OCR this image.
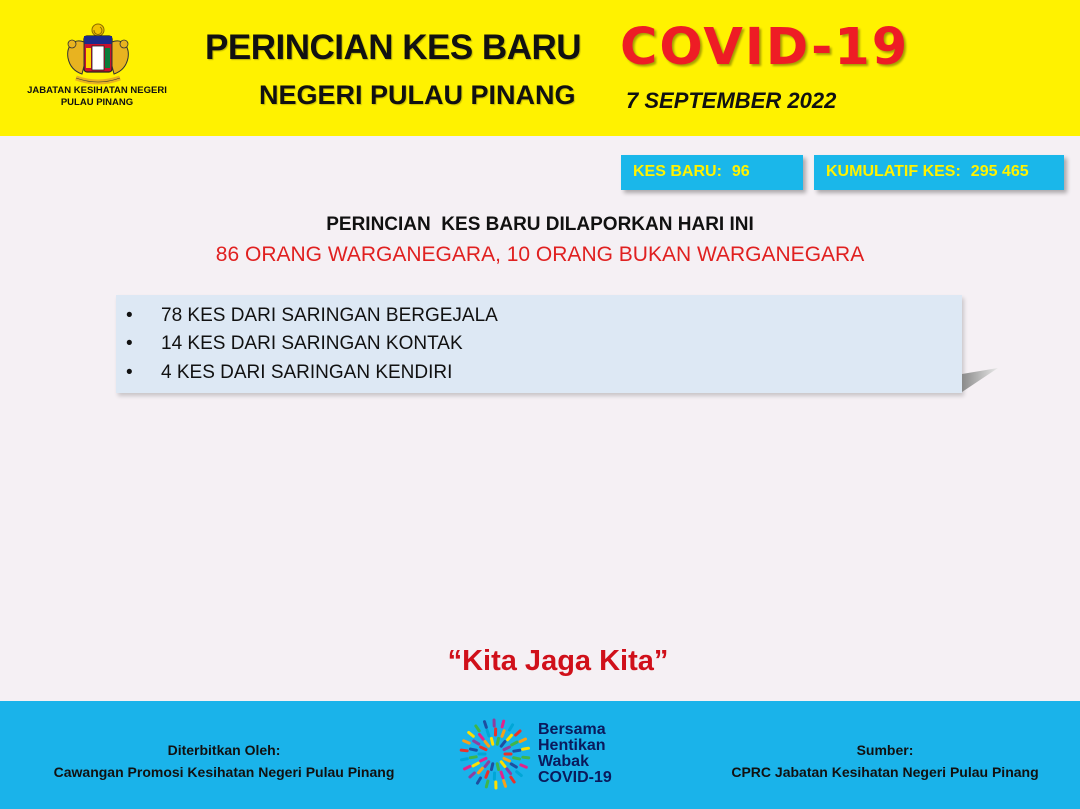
JABATAN KESIHATAN NEGERI
PULAU PINANG
PERINCIAN KES BARU
NEGERI PULAU PINANG
COVID-19
7 SEPTEMBER 2022
KES BARU: 96	KUMULATIF KES: 295 465
PERINCIAN  KES BARU DILAPORKAN HARI INI
86 ORANG WARGANEGARA, 10 ORANG BUKAN WARGANEGARA
• 78 KES DARI SARINGAN BERGEJALA
• 14 KES DARI SARINGAN KONTAK
• 4 KES DARI SARINGAN KENDIRI
“Kita Jaga Kita”
Diterbitkan Oleh:
Cawangan Promosi Kesihatan Negeri Pulau Pinang
Bersama
Hentikan
Wabak
COVID-19
Sumber:
CPRC Jabatan Kesihatan Negeri Pulau Pinang
